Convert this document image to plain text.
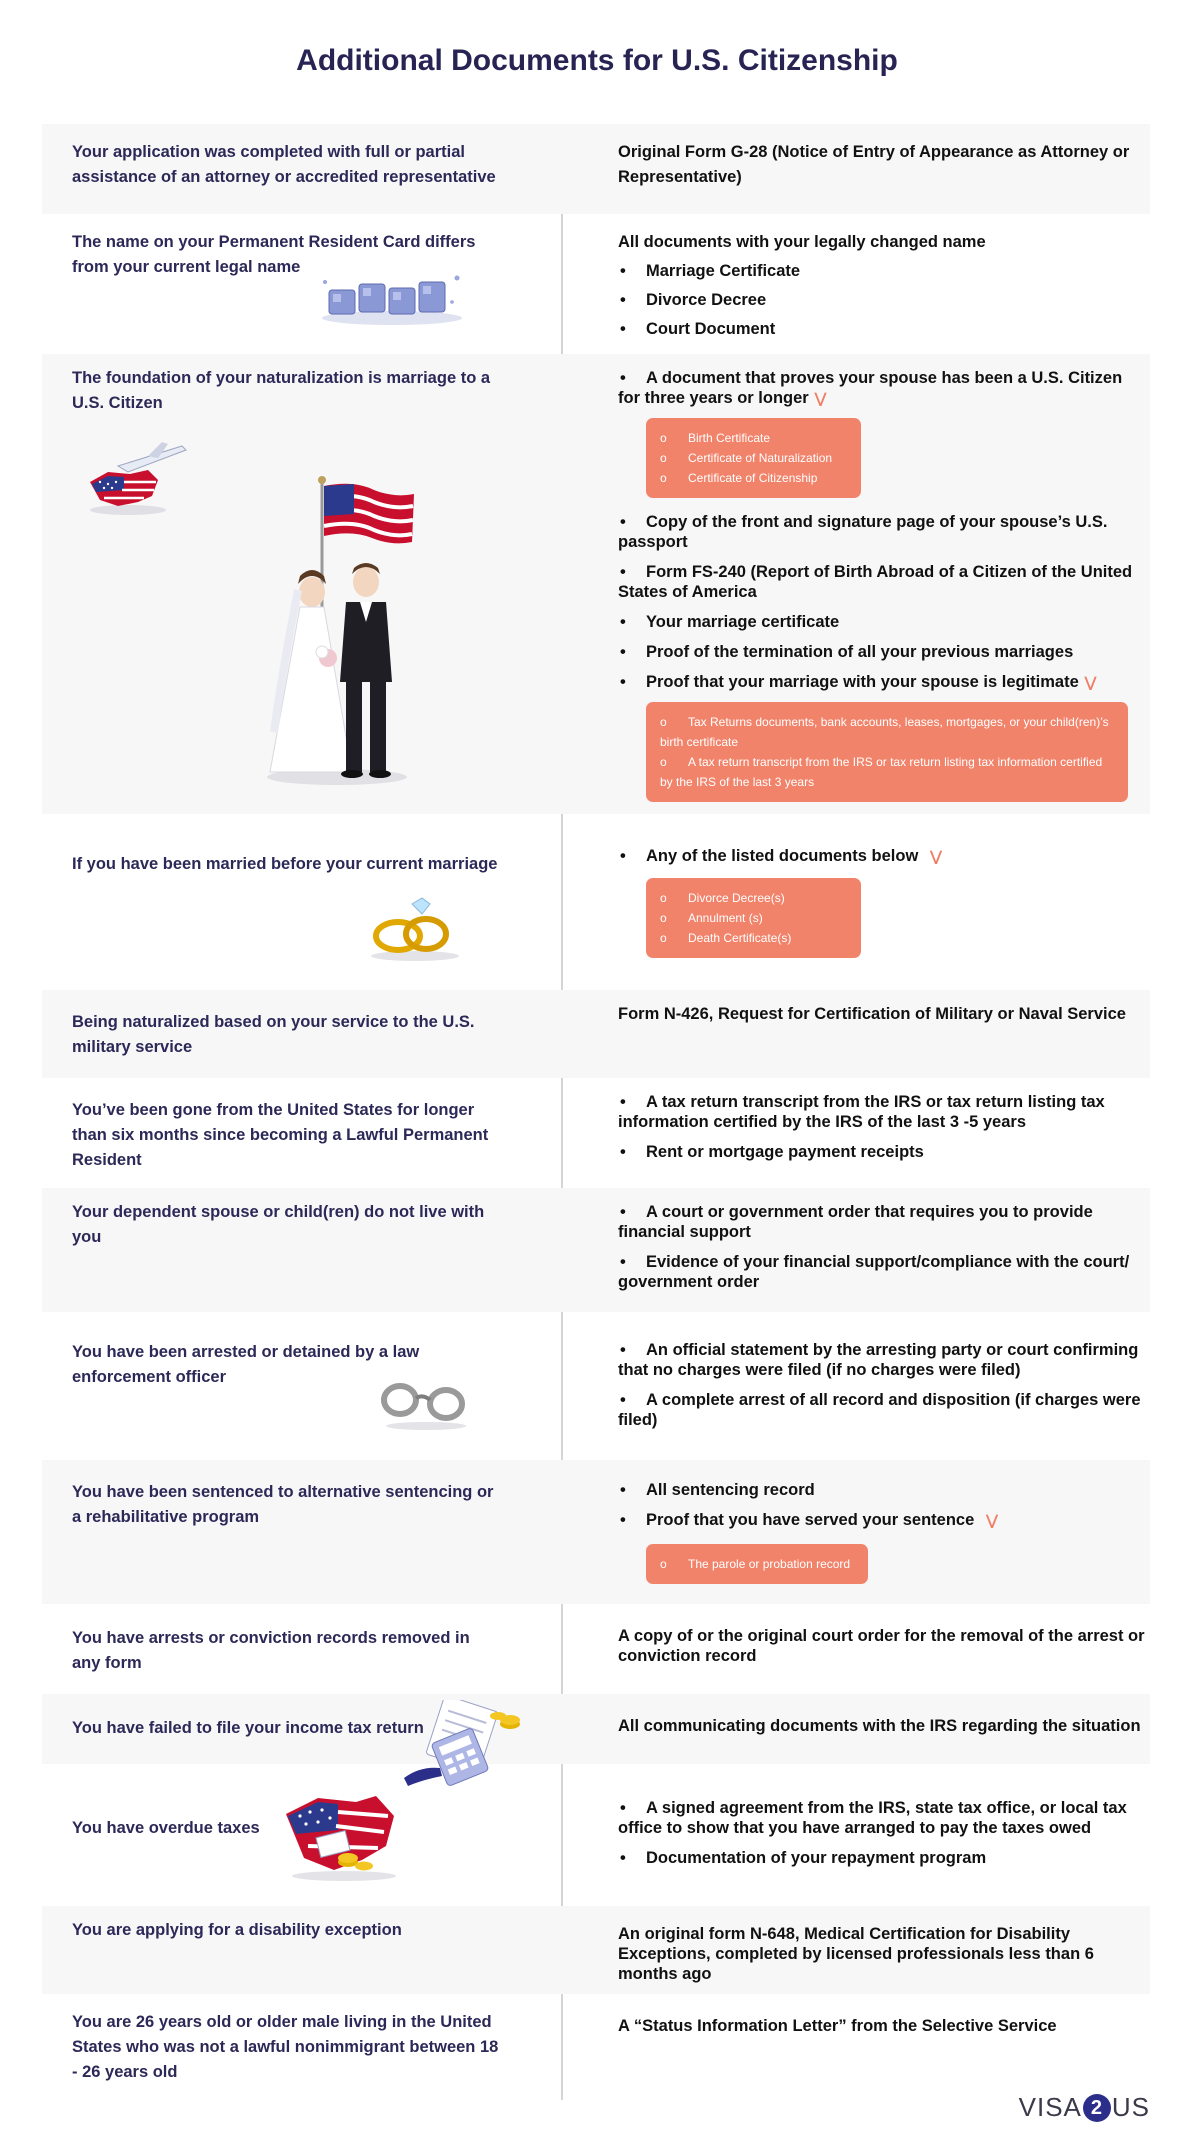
Additional Documents for U.S. Citizenship
Your application was completed with full or partial assistance of an attorney or accredited representative
Original Form G-28 (Notice of Entry of Appearance as Attorney or Representative)
The name on your Permanent Resident Card differs from your current legal name

All documents with your legally changed name

• Marriage Certificate
• Divorce Decree
• Court Document
The foundation of your naturalization is marriage to a U.S. Citizen
• A document that proves your spouse has been a U.S. Citizen for three years or longer ⋁
o Birth Certificate
o Certificate of Naturalization
o Certificate of Citizenship
• Copy of the front and signature page of your spouse’s U.S. passport
• Form FS-240 (Report of Birth Abroad of a Citizen of the United States of America
• Your marriage certificate
• Proof of the termination of all your previous marriages
• Proof that your marriage with your spouse is legitimate ⋁
o Tax Returns documents, bank accounts, leases, mortgages, or your child(ren)’s birth certificate
o A tax return transcript from the IRS or tax return listing tax information certified by the IRS of the last 3 years
If you have been married before your current marriage
•	Any of the listed documents below ⋁
o Divorce Decree(s)
o Annulment (s)
o Death Certificate(s)
Being naturalized based on your service to the U.S. military service
Form N-426, Request for Certification of Military or Naval Service
You’ve been gone from the United States for longer than six months since becoming a Lawful Permanent Resident
• A tax return transcript from the IRS or tax return listing tax information certified by the IRS of the last 3 -5 years
• Rent or mortgage payment receipts
Your dependent spouse or child(ren) do not live with you
• A court or government order that requires you to provide financial support
• Evidence of your financial support/compliance with the court/ government order
You have been arrested or detained by a law enforcement officer
• An official statement by the arresting party or court confirming that no charges were filed (if no charges were filed)
• A complete arrest of all record and disposition (if charges were filed)
You have been sentenced to alternative sentencing or a rehabilitative program
• All sentencing record
• Proof that you have served your sentence ⋁
o The parole or probation record
You have arrests or conviction records removed in any form
A copy of or the original court order for the removal of the arrest or conviction record
You have failed to file your income tax return	All communicating documents with the IRS regarding the situation
You have overdue taxes
• A signed agreement from the IRS, state tax office, or local tax office to show that you have arranged to pay the taxes owed
• Documentation of your repayment program
You are applying for a disability exception	An original form N-648, Medical Certification for Disability Exceptions, completed by licensed professionals less than 6 months ago
You are 26 years old or older male living in the United States who was not a lawful nonimmigrant between 18 - 26 years old
A “Status Information Letter” from the Selective Service
VISA 2 US
